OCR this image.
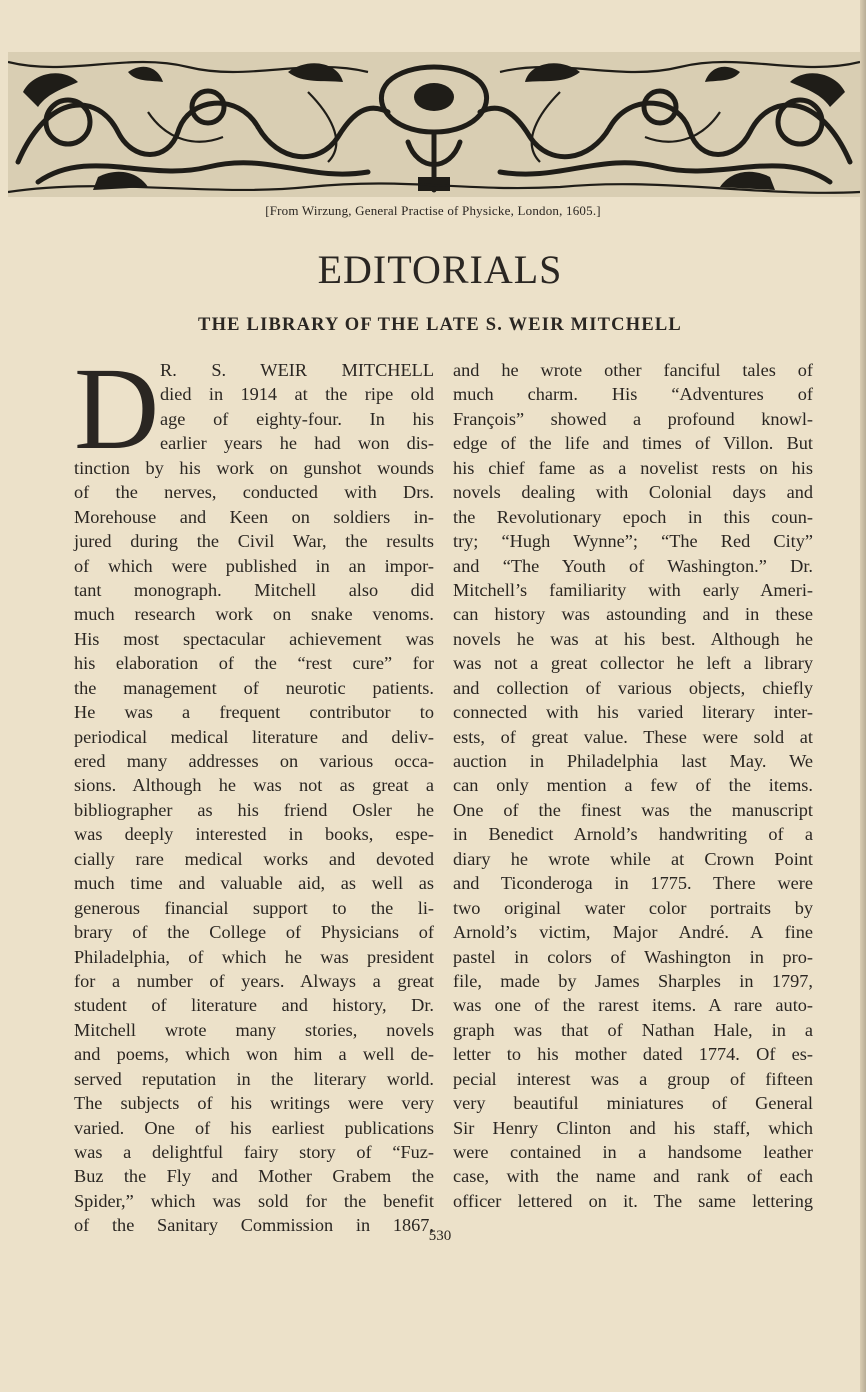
[From Wirzung, General Practise of Physicke, London, 1605.]
EDITORIALS
THE LIBRARY OF THE LATE S. WEIR MITCHELL
D R. S. WEIR MITCHELL
died in 1914 at the ripe old
age of eighty-four. In his
earlier years he had won dis-
tinction by his work on gunshot wounds
of the nerves, conducted with Drs.
Morehouse and Keen on soldiers in-
jured during the Civil War, the results
of which were published in an impor-
tant monograph. Mitchell also did
much research work on snake venoms.
His most spectacular achievement was
his elaboration of the “rest cure” for
the management of neurotic patients.
He was a frequent contributor to
periodical medical literature and deliv-
ered many addresses on various occa-
sions. Although he was not as great a
bibliographer as his friend Osler he
was deeply interested in books, espe-
cially rare medical works and devoted
much time and valuable aid, as well as
generous financial support to the li-
brary of the College of Physicians of
Philadelphia, of which he was president
for a number of years. Always a great
student of literature and history, Dr.
Mitchell wrote many stories, novels
and poems, which won him a well de-
served reputation in the literary world.
The subjects of his writings were very
varied. One of his earliest publications
was a delightful fairy story of “Fuz-
Buz the Fly and Mother Grabem the
Spider,” which was sold for the benefit
of the Sanitary Commission in 1867,
and he wrote other fanciful tales of
much charm. His “Adventures of
François” showed a profound knowl-
edge of the life and times of Villon. But
his chief fame as a novelist rests on his
novels dealing with Colonial days and
the Revolutionary epoch in this coun-
try; “Hugh Wynne”; “The Red City”
and “The Youth of Washington.” Dr.
Mitchell’s familiarity with early Ameri-
can history was astounding and in these
novels he was at his best. Although he
was not a great collector he left a library
and collection of various objects, chiefly
connected with his varied literary inter-
ests, of great value. These were sold at
auction in Philadelphia last May. We
can only mention a few of the items.
One of the finest was the manuscript
in Benedict Arnold’s handwriting of a
diary he wrote while at Crown Point
and Ticonderoga in 1775. There were
two original water color portraits by
Arnold’s victim, Major André. A fine
pastel in colors of Washington in pro-
file, made by James Sharples in 1797,
was one of the rarest items. A rare auto-
graph was that of Nathan Hale, in a
letter to his mother dated 1774. Of es-
pecial interest was a group of fifteen
very beautiful miniatures of General
Sir Henry Clinton and his staff, which
were contained in a handsome leather
case, with the name and rank of each
officer lettered on it. The same lettering
530
